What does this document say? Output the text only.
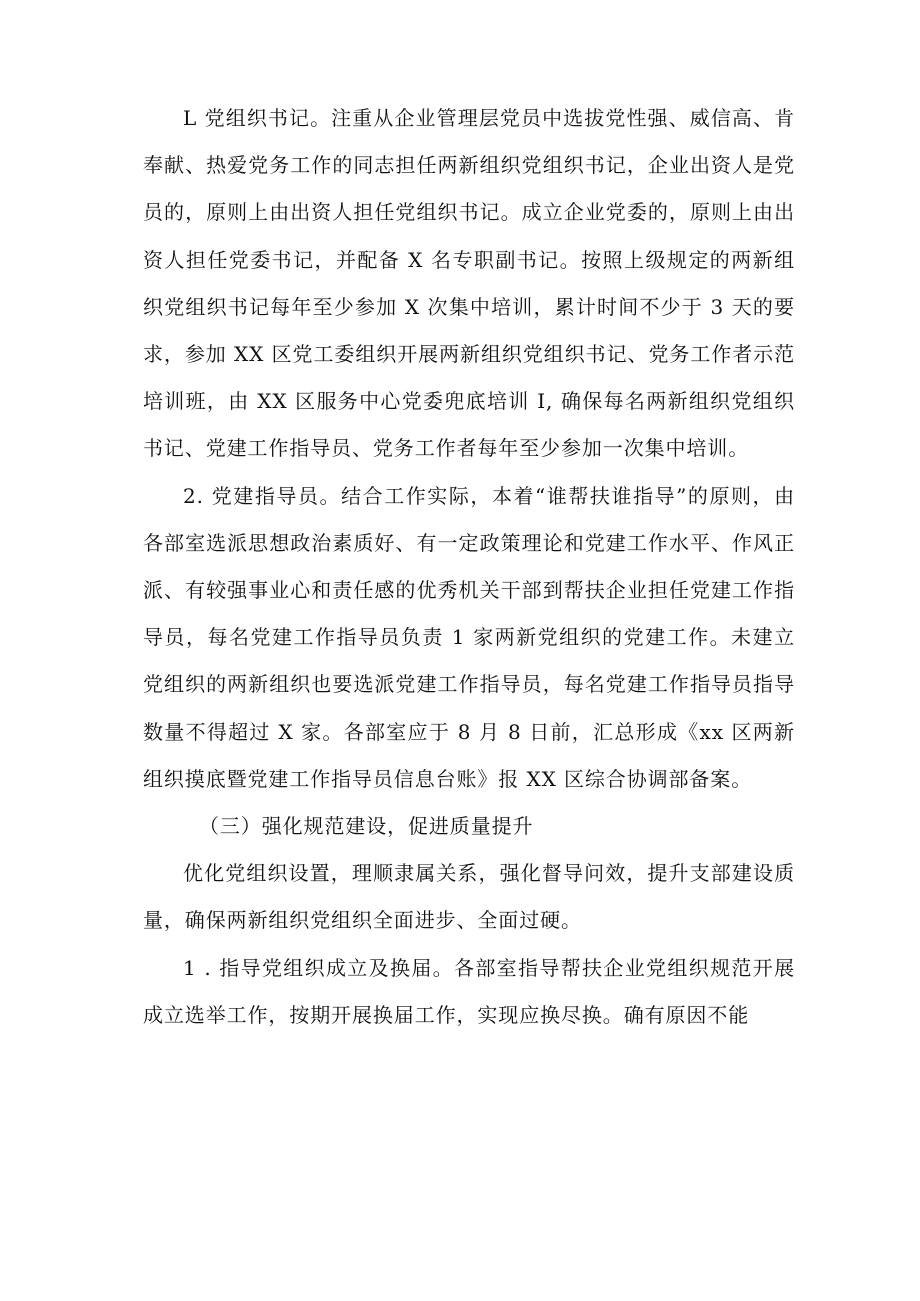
L 党组织书记。注重从企业管理层党员中选拔党性强、威信高、肯奉献、热爱党务工作的同志担任两新组织党组织书记，企业出资人是党员的，原则上由出资人担任党组织书记。成立企业党委的，原则上由出资人担任党委书记，并配备 X 名专职副书记。按照上级规定的两新组织党组织书记每年至少参加 X 次集中培训，累计时间不少于 3 天的要求，参加 XX 区党工委组织开展两新组织党组织书记、党务工作者示范培训班，由 XX 区服务中心党委兜底培训 I, 确保每名两新组织党组织书记、党建工作指导员、党务工作者每年至少参加一次集中培训。

2. 党建指导员。结合工作实际，本着“谁帮扶谁指导”的原则，由各部室选派思想政治素质好、有一定政策理论和党建工作水平、作风正派、有较强事业心和责任感的优秀机关干部到帮扶企业担任党建工作指导员，每名党建工作指导员负责 1 家两新党组织的党建工作。未建立党组织的两新组织也要选派党建工作指导员，每名党建工作指导员指导数量不得超过 X 家。各部室应于 8 月 8 日前，汇总形成《xx 区两新组织摸底暨党建工作指导员信息台账》报 XX 区综合协调部备案。

（三）强化规范建设，促进质量提升

优化党组织设置，理顺隶属关系，强化督导问效，提升支部建设质量，确保两新组织党组织全面进步、全面过硬。

1 . 指导党组织成立及换届。各部室指导帮扶企业党组织规范开展成立选举工作，按期开展换届工作，实现应换尽换。确有原因不能
